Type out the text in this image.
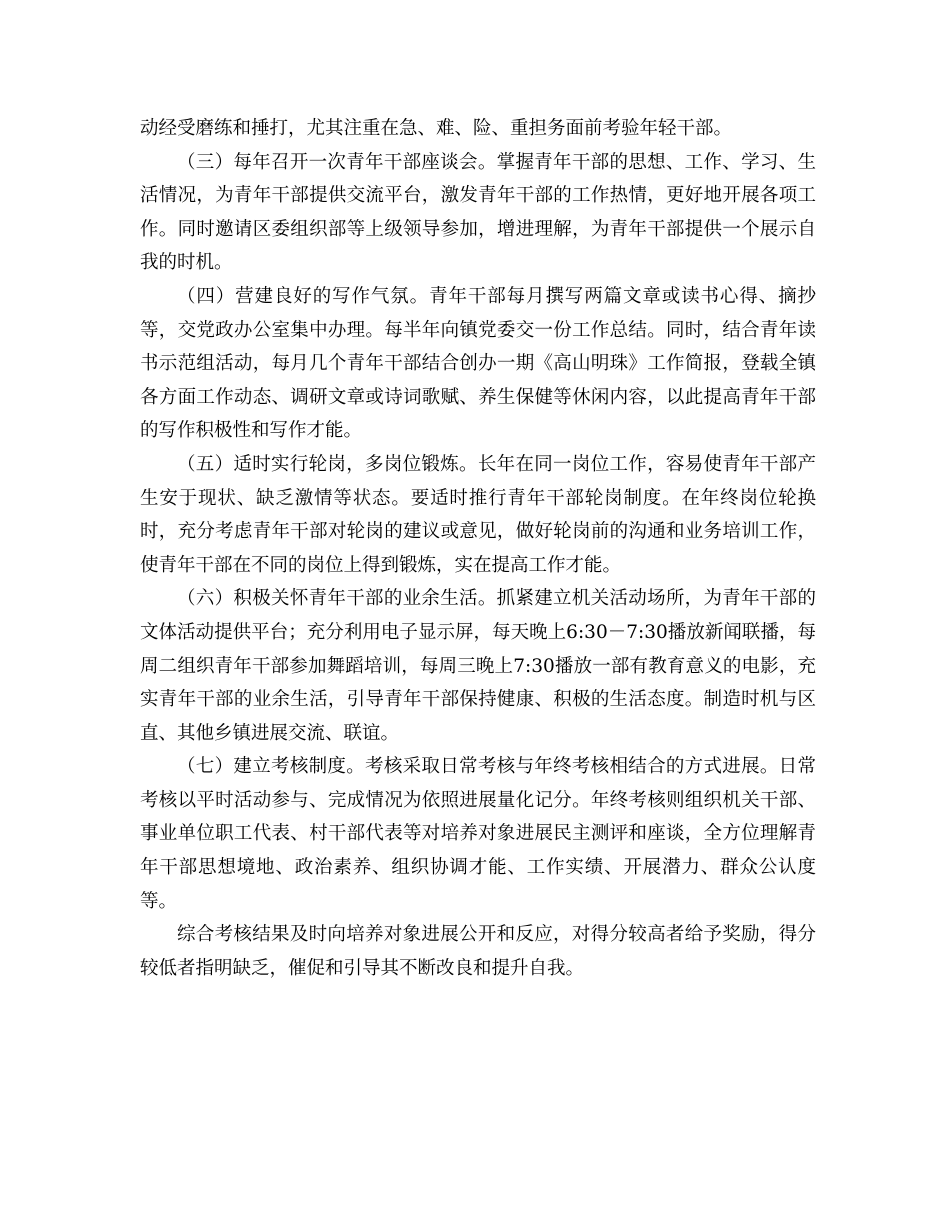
动经受磨练和捶打，尤其注重在急、难、险、重担务面前考验年轻干部。

（三）每年召开一次青年干部座谈会。掌握青年干部的思想、工作、学习、生活情况，为青年干部提供交流平台，激发青年干部的工作热情，更好地开展各项工作。同时邀请区委组织部等上级领导参加，增进理解，为青年干部提供一个展示自我的时机。

（四）营建良好的写作气氛。青年干部每月撰写两篇文章或读书心得、摘抄等，交党政办公室集中办理。每半年向镇党委交一份工作总结。同时，结合青年读书示范组活动，每月几个青年干部结合创办一期《高山明珠》工作简报，登载全镇各方面工作动态、调研文章或诗词歌赋、养生保健等休闲内容，以此提高青年干部的写作积极性和写作才能。

（五）适时实行轮岗，多岗位锻炼。长年在同一岗位工作，容易使青年干部产生安于现状、缺乏激情等状态。要适时推行青年干部轮岗制度。在年终岗位轮换时，充分考虑青年干部对轮岗的建议或意见，做好轮岗前的沟通和业务培训工作，使青年干部在不同的岗位上得到锻炼，实在提高工作才能。

（六）积极关怀青年干部的业余生活。抓紧建立机关活动场所，为青年干部的文体活动提供平台；充分利用电子显示屏，每天晚上6:30－7:30播放新闻联播，每周二组织青年干部参加舞蹈培训，每周三晚上7:30播放一部有教育意义的电影，充实青年干部的业余生活，引导青年干部保持健康、积极的生活态度。制造时机与区直、其他乡镇进展交流、联谊。

（七）建立考核制度。考核采取日常考核与年终考核相结合的方式进展。日常考核以平时活动参与、完成情况为依照进展量化记分。年终考核则组织机关干部、事业单位职工代表、村干部代表等对培养对象进展民主测评和座谈，全方位理解青年干部思想境地、政治素养、组织协调才能、工作实绩、开展潜力、群众公认度等。

综合考核结果及时向培养对象进展公开和反应，对得分较高者给予奖励，得分较低者指明缺乏，催促和引导其不断改良和提升自我。
